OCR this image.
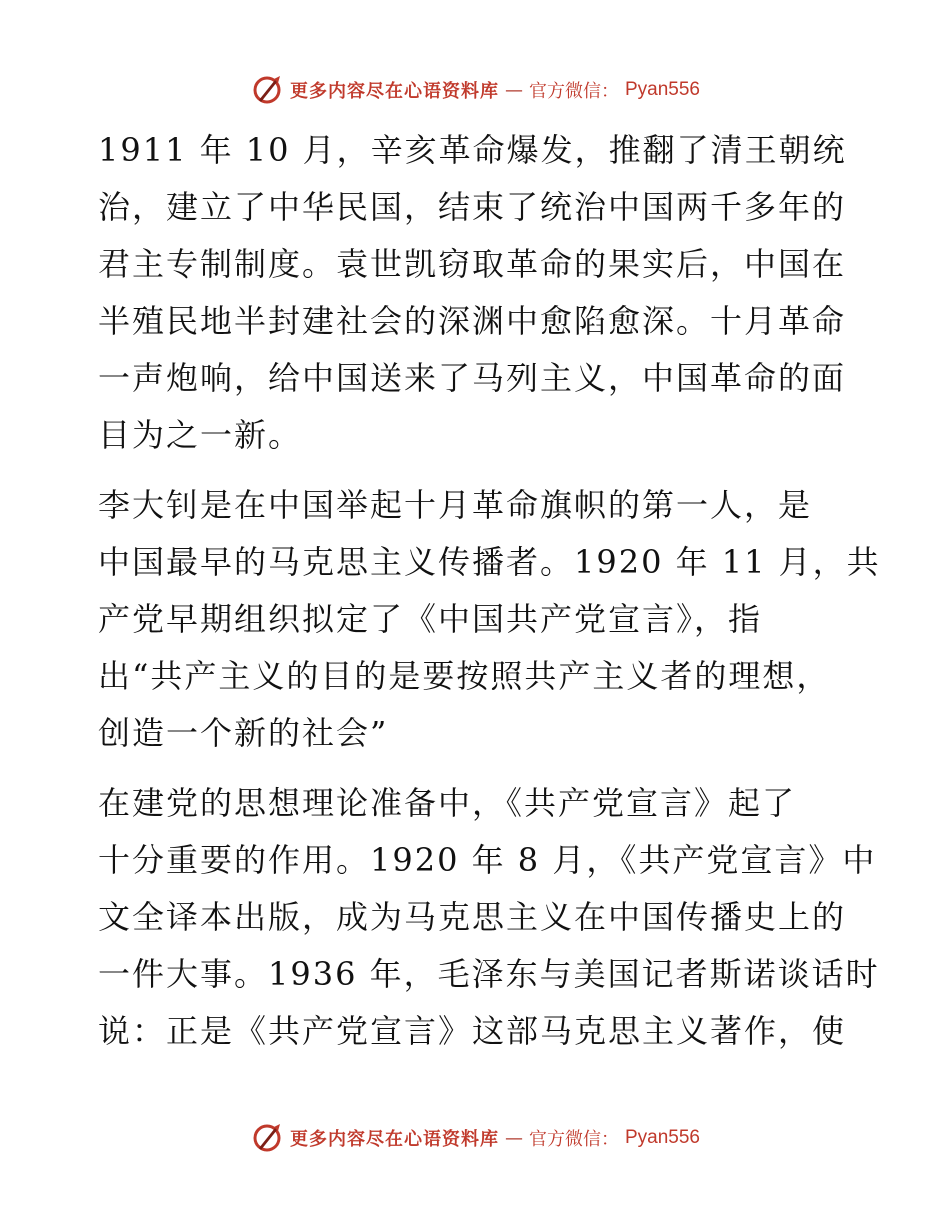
更多内容尽在心语资料库 — 官方微信： Pyan556

1911 年 10 月，辛亥革命爆发，推翻了清王朝统
治，建立了中华民国，结束了统治中国两千多年的
君主专制制度。袁世凯窃取革命的果实后，中国在
半殖民地半封建社会的深渊中愈陷愈深。十月革命
一声炮响，给中国送来了马列主义，中国革命的面
目为之一新。

李大钊是在中国举起十月革命旗帜的第一人，是
中国最早的马克思主义传播者。1920 年 11 月，共
产党早期组织拟定了《中国共产党宣言》，指
出“共产主义的目的是要按照共产主义者的理想，
创造一个新的社会”

在建党的思想理论准备中，《共产党宣言》起了
十分重要的作用。1920 年 8 月，《共产党宣言》中
文全译本出版，成为马克思主义在中国传播史上的
一件大事。1936 年，毛泽东与美国记者斯诺谈话时
说：正是《共产党宣言》这部马克思主义著作，使

更多内容尽在心语资料库 — 官方微信： Pyan556
